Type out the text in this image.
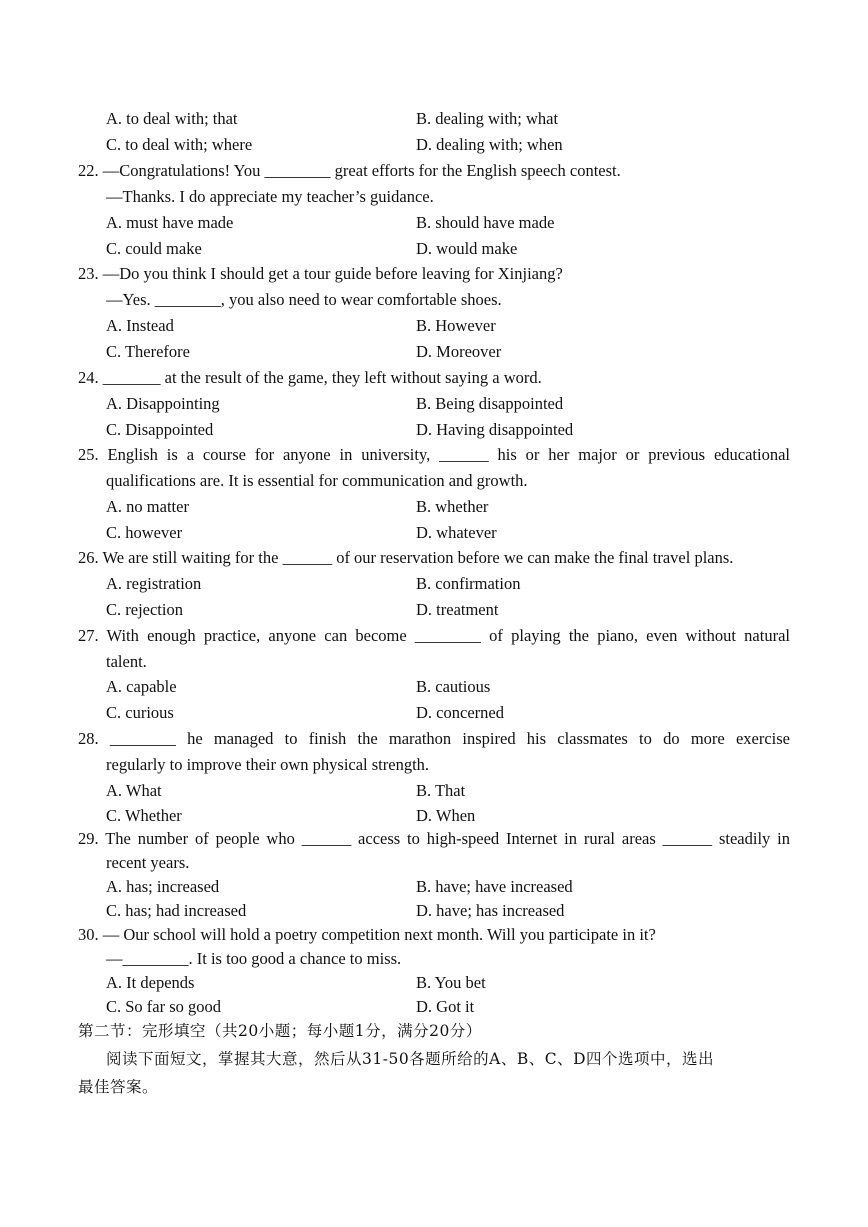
A. to deal with; that	B. dealing with; what
C. to deal with; where	D. dealing with; when
22. —Congratulations! You ________ great efforts for the English speech contest.
—Thanks. I do appreciate my teacher’s guidance.
A. must have made	B. should have made
C. could make	D. would make
23. —Do you think I should get a tour guide before leaving for Xinjiang?
—Yes. ________, you also need to wear comfortable shoes.
A. Instead	B. However
C. Therefore	D. Moreover
24. _______ at the result of the game, they left without saying a word.
A. Disappointing	B. Being disappointed
C. Disappointed	D. Having disappointed
25. English is a course for anyone in university, ______ his or her major or previous educational
qualifications are. It is essential for communication and growth.
A. no matter	B. whether
C. however	D. whatever
26. We are still waiting for the ______ of our reservation before we can make the final travel plans.
A. registration	B. confirmation
C. rejection	D. treatment
27. With enough practice, anyone can become ________ of playing the piano, even without natural
talent.
A. capable	B. cautious
C. curious	D. concerned
28. ________ he managed to finish the marathon inspired his classmates to do more exercise
regularly to improve their own physical strength.
A. What	B. That
C. Whether	D. When
29. The number of people who ______ access to high-speed Internet in rural areas ______ steadily in
recent years.
A. has; increased	B. have; have increased
C. has; had increased	D. have; has increased
30. — Our school will hold a poetry competition next month. Will you participate in it?
—________. It is too good a chance to miss.
A. It depends	B. You bet
C. So far so good	D. Got it
第二节：完形填空（共20小题；每小题1分，满分20分）
阅读下面短文，掌握其大意，然后从31-50各题所给的A、B、C、D四个选项中，选出
最佳答案。
